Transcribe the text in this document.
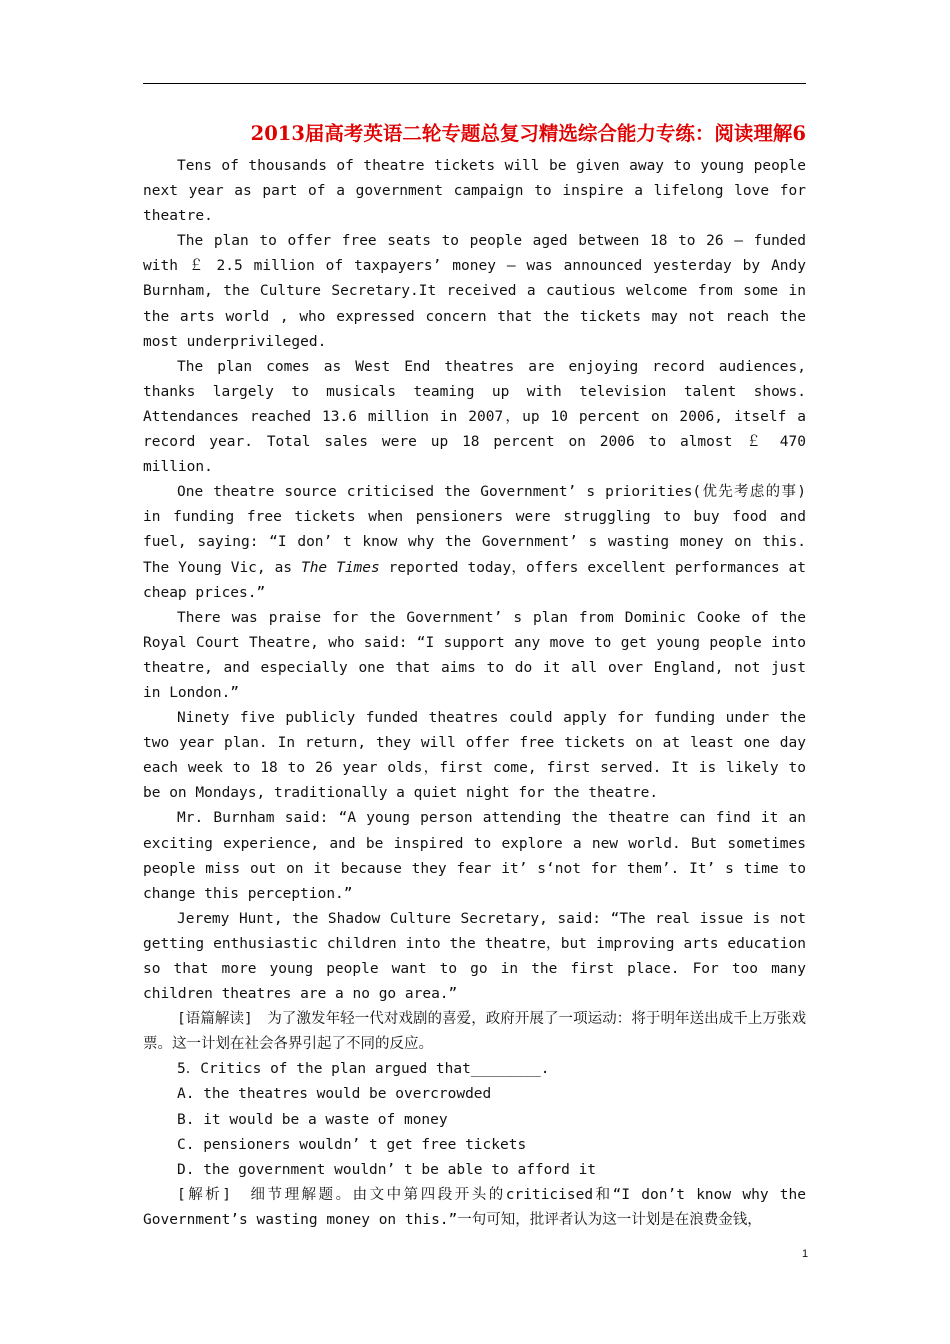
2013届高考英语二轮专题总复习精选综合能力专练：阅读理解6

Tens of thousands of theatre tickets will be given away to young people next year as part of a government campaign to inspire a lifelong love for theatre.

The plan to offer free seats to people aged between 18 to 26 — funded with ￡ 2.5 million of taxpayers’ money — was announced yesterday by Andy Burnham, the Culture Secretary.It received a cautious welcome from some in the arts world , who expressed concern that the tickets may not reach the most underprivileged.

The plan comes as West End theatres are enjoying record audiences, thanks largely to musicals teaming up with television talent shows. Attendances reached 13.6 million in 2007，up 10 percent on 2006, itself a record year. Total sales were up 18 percent on 2006 to almost ￡ 470 million.

One theatre source criticised the Government’ s priorities(优先考虑的事) in funding free tickets when pensioners were struggling to buy food and fuel, saying: “I don’ t know why the Government’ s wasting money on this. The Young Vic, as The Times reported today，offers excellent performances at cheap prices.”

There was praise for the Government’ s plan from Dominic Cooke of the Royal Court Theatre, who said: “I support any move to get young people into theatre, and especially one that aims to do it all over England, not just in London.”

Ninety five publicly funded theatres could apply for funding under the two year plan. In return, they will offer free tickets on at least one day each week to 18 to 26 year olds，first come, first served. It is likely to be on Mondays, traditionally a quiet night for the theatre.

Mr. Burnham said: “A young person attending the theatre can find it an exciting experience, and be inspired to explore a new world. But sometimes people miss out on it because they fear it’ s‘not for them’. It’ s time to change this perception.”

Jeremy Hunt, the Shadow Culture Secretary, said: “The real issue is not getting enthusiastic children into the theatre，but improving arts education so that more young people want to go in the first place. For too many children theatres are a no go area.”

[语篇解读]　为了激发年轻一代对戏剧的喜爱，政府开展了一项运动：将于明年送出成千上万张戏票。这一计划在社会各界引起了不同的反应。

5．Critics of the plan argued that________.

A. the theatres would be overcrowded

B. it would be a waste of money

C. pensioners wouldn’ t get free tickets

D. the government wouldn’ t be able to afford it

[解析]　细节理解题。由文中第四段开头的criticised和“I don’t know why the Government’s wasting money on this.”一句可知，批评者认为这一计划是在浪费金钱，

1
